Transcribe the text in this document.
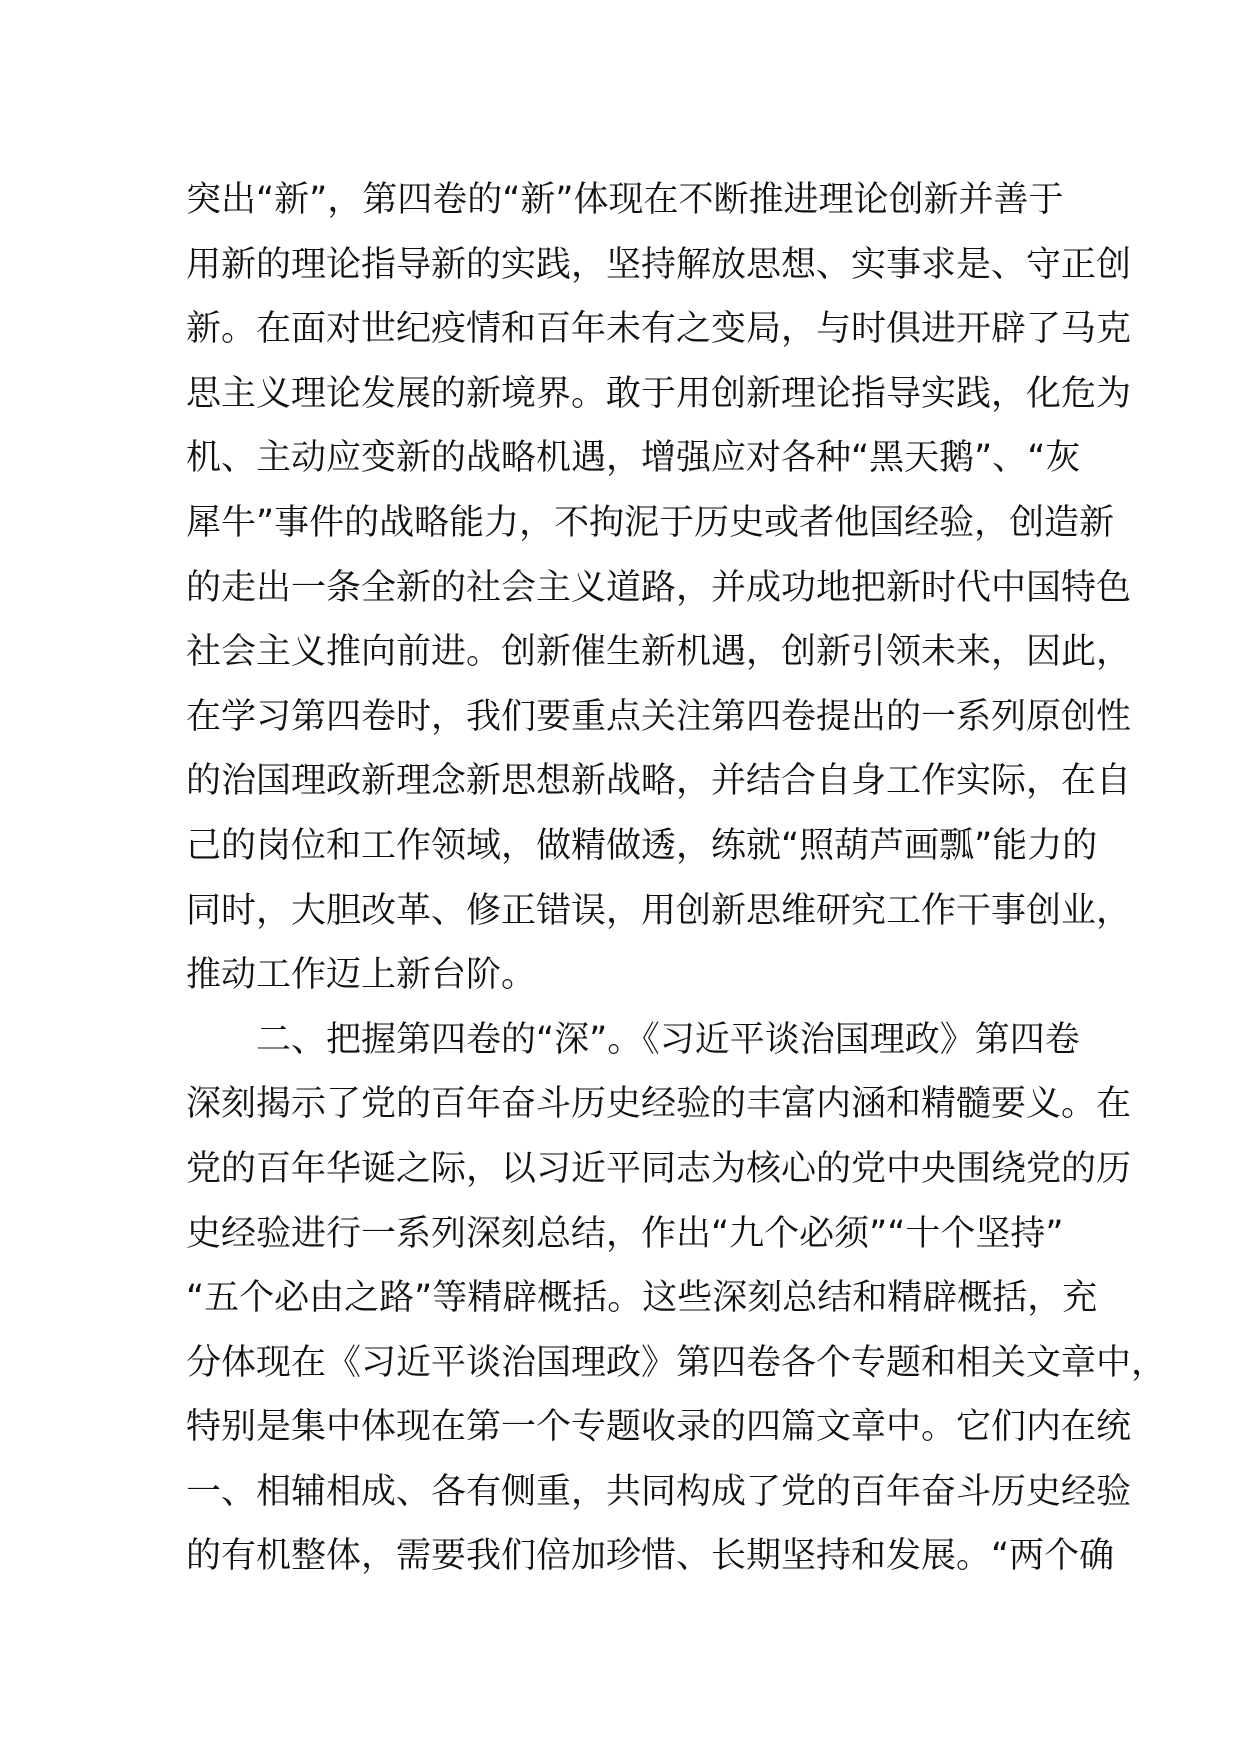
突出“新”，第四卷的“新”体现在不断推进理论创新并善于
用新的理论指导新的实践，坚持解放思想、实事求是、守正创
新。在面对世纪疫情和百年未有之变局，与时俱进开辟了马克
思主义理论发展的新境界。敢于用创新理论指导实践，化危为
机、主动应变新的战略机遇，增强应对各种“黑天鹅”、“灰
犀牛”事件的战略能力，不拘泥于历史或者他国经验，创造新
的走出一条全新的社会主义道路，并成功地把新时代中国特色
社会主义推向前进。创新催生新机遇，创新引领未来，因此，
在学习第四卷时，我们要重点关注第四卷提出的一系列原创性
的治国理政新理念新思想新战略，并结合自身工作实际，在自
己的岗位和工作领域，做精做透，练就“照葫芦画瓢”能力的
同时，大胆改革、修正错误，用创新思维研究工作干事创业，
推动工作迈上新台阶。
　　二、把握第四卷的“深”。《习近平谈治国理政》第四卷
深刻揭示了党的百年奋斗历史经验的丰富内涵和精髓要义。在
党的百年华诞之际，以习近平同志为核心的党中央围绕党的历
史经验进行一系列深刻总结，作出“九个必须”“十个坚持”
“五个必由之路”等精辟概括。这些深刻总结和精辟概括，充
分体现在《习近平谈治国理政》第四卷各个专题和相关文章中，
特别是集中体现在第一个专题收录的四篇文章中。它们内在统
一、相辅相成、各有侧重，共同构成了党的百年奋斗历史经验
的有机整体，需要我们倍加珍惜、长期坚持和发展。“两个确
